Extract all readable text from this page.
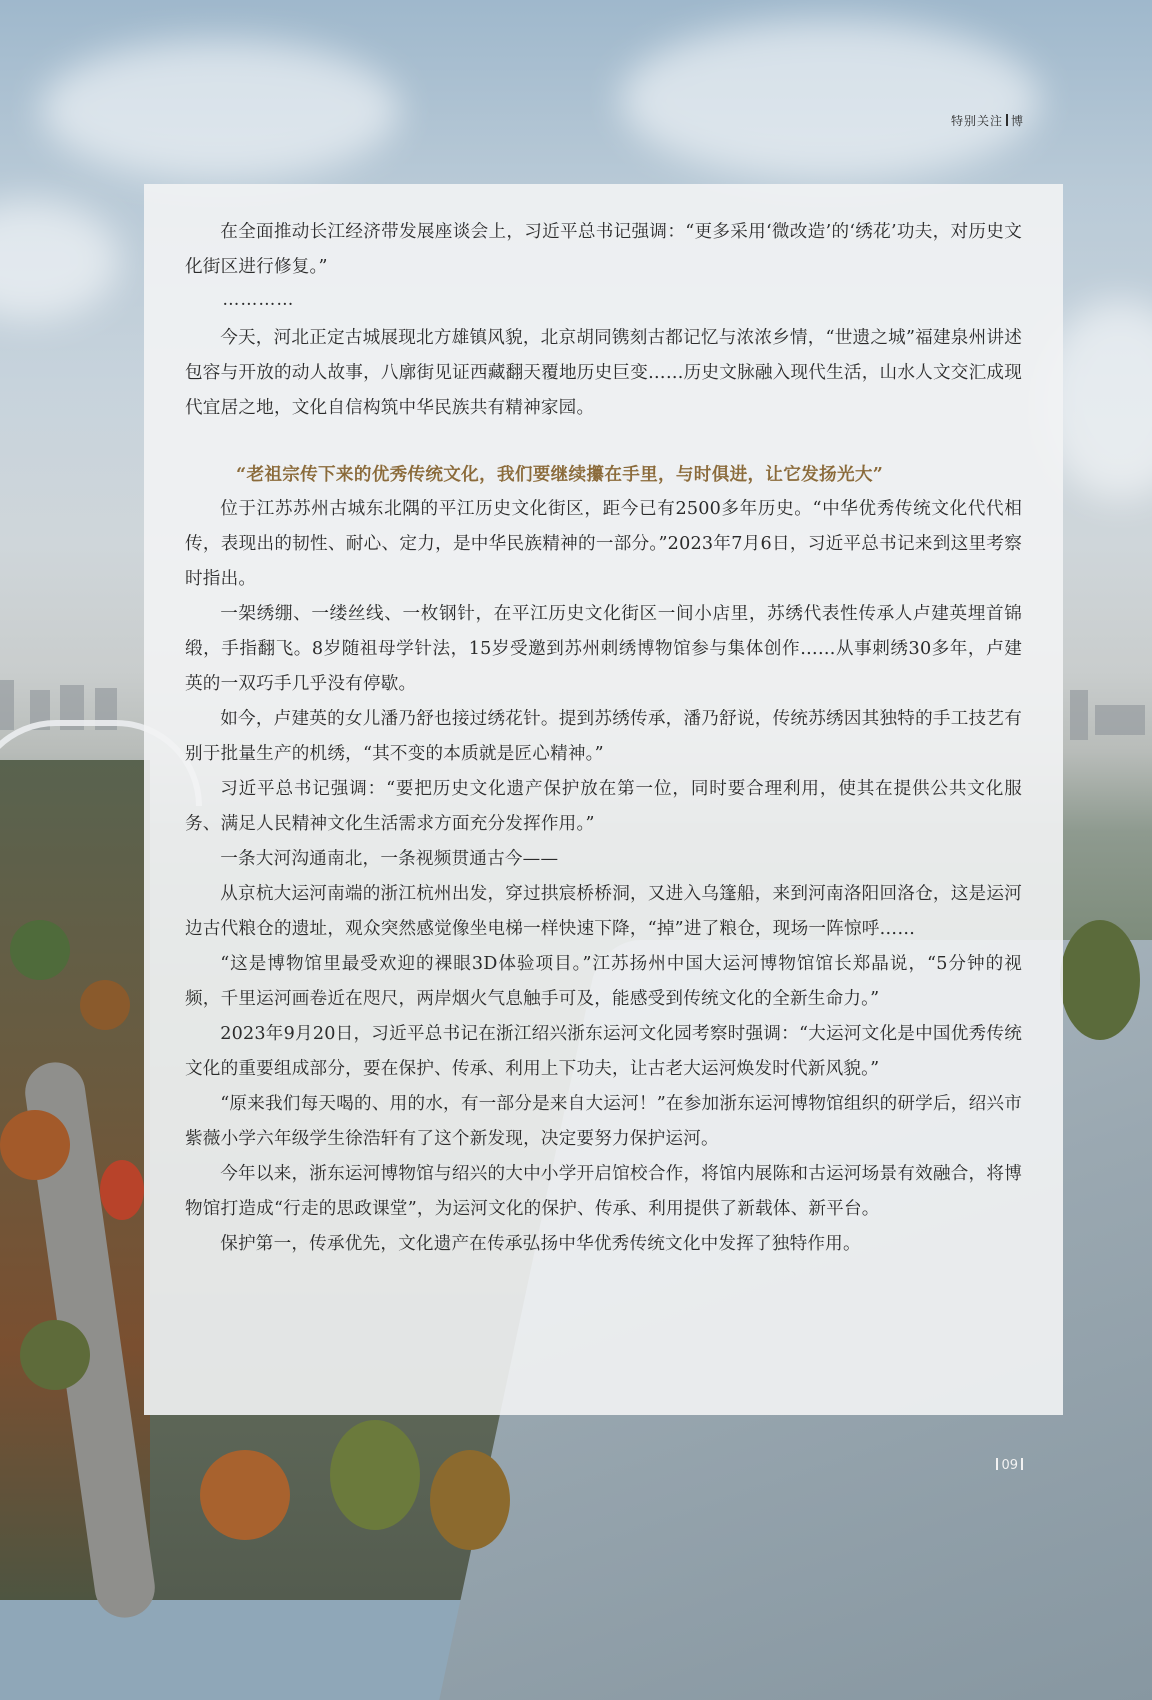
特别关注 博

在全面推动长江经济带发展座谈会上，习近平总书记强调：“更多采用‘微改造’的‘绣花’功夫，对历史文化街区进行修复。”

…………

今天，河北正定古城展现北方雄镇风貌，北京胡同镌刻古都记忆与浓浓乡情，“世遗之城”福建泉州讲述包容与开放的动人故事，八廓街见证西藏翻天覆地历史巨变……历史文脉融入现代生活，山水人文交汇成现代宜居之地，文化自信构筑中华民族共有精神家园。

“老祖宗传下来的优秀传统文化，我们要继续攥在手里，与时俱进，让它发扬光大”

位于江苏苏州古城东北隅的平江历史文化街区，距今已有2500多年历史。“中华优秀传统文化代代相传，表现出的韧性、耐心、定力，是中华民族精神的一部分。”2023年7月6日，习近平总书记来到这里考察时指出。

一架绣绷、一缕丝线、一枚钢针，在平江历史文化街区一间小店里，苏绣代表性传承人卢建英埋首锦缎，手指翻飞。8岁随祖母学针法，15岁受邀到苏州刺绣博物馆参与集体创作……从事刺绣30多年，卢建英的一双巧手几乎没有停歇。

如今，卢建英的女儿潘乃舒也接过绣花针。提到苏绣传承，潘乃舒说，传统苏绣因其独特的手工技艺有别于批量生产的机绣，“其不变的本质就是匠心精神。”

习近平总书记强调：“要把历史文化遗产保护放在第一位，同时要合理利用，使其在提供公共文化服务、满足人民精神文化生活需求方面充分发挥作用。”

一条大河沟通南北，一条视频贯通古今——

从京杭大运河南端的浙江杭州出发，穿过拱宸桥桥洞，又进入乌篷船，来到河南洛阳回洛仓，这是运河边古代粮仓的遗址，观众突然感觉像坐电梯一样快速下降，“掉”进了粮仓，现场一阵惊呼……

“这是博物馆里最受欢迎的裸眼3D体验项目。”江苏扬州中国大运河博物馆馆长郑晶说，“5分钟的视频，千里运河画卷近在咫尺，两岸烟火气息触手可及，能感受到传统文化的全新生命力。”

2023年9月20日，习近平总书记在浙江绍兴浙东运河文化园考察时强调：“大运河文化是中国优秀传统文化的重要组成部分，要在保护、传承、利用上下功夫，让古老大运河焕发时代新风貌。”

“原来我们每天喝的、用的水，有一部分是来自大运河！”在参加浙东运河博物馆组织的研学后，绍兴市紫薇小学六年级学生徐浩轩有了这个新发现，决定要努力保护运河。

今年以来，浙东运河博物馆与绍兴的大中小学开启馆校合作，将馆内展陈和古运河场景有效融合，将博物馆打造成“行走的思政课堂”，为运河文化的保护、传承、利用提供了新载体、新平台。

保护第一，传承优先，文化遗产在传承弘扬中华优秀传统文化中发挥了独特作用。

09
